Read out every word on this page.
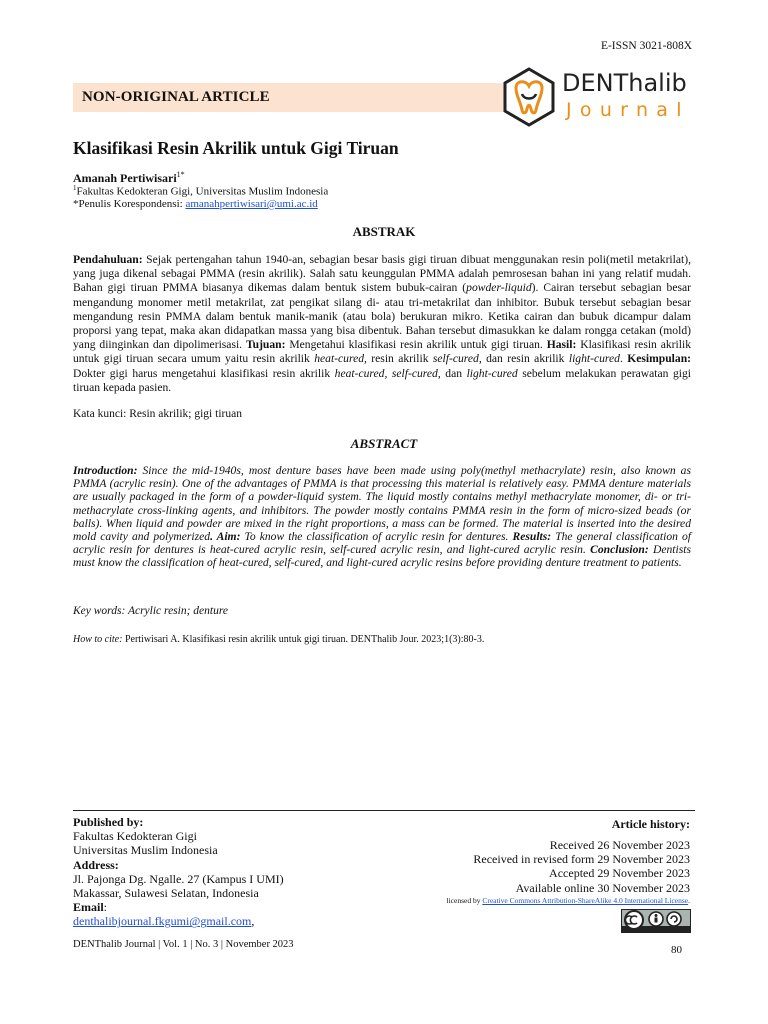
E-ISSN 3021-808X
NON-ORIGINAL ARTICLE	DENThalib
Journal
Klasifikasi Resin Akrilik untuk Gigi Tiruan
Amanah Pertiwisari$^{1*}$
$^1$Fakultas Kedokteran Gigi, Universitas Muslim Indonesia
*Penulis Korespondensi: amanahpertiwisari@umi.ac.id
ABSTRAK
Pendahuluan: Sejak pertengahan tahun 1940-an, sebagian besar basis gigi tiruan dibuat menggunakan resin poli(metil metakrilat), yang juga dikenal sebagai PMMA (resin akrilik). Salah satu keunggulan PMMA adalah pemrosesan bahan ini yang relatif mudah. Bahan gigi tiruan PMMA biasanya dikemas dalam bentuk sistem bubuk-cairan (powder-liquid). Cairan tersebut sebagian besar mengandung monomer metil metakrilat, zat pengikat silang di- atau tri-metakrilat dan inhibitor. Bubuk tersebut sebagian besar mengandung resin PMMA dalam bentuk manik-manik (atau bola) berukuran mikro. Ketika cairan dan bubuk dicampur dalam proporsi yang tepat, maka akan didapatkan massa yang bisa dibentuk. Bahan tersebut dimasukkan ke dalam rongga cetakan (mold) yang diinginkan dan dipolimerisasi. Tujuan: Mengetahui klasifikasi resin akrilik untuk gigi tiruan. Hasil: Klasifikasi resin akrilik untuk gigi tiruan secara umum yaitu resin akrilik heat-cured, resin akrilik self-cured, dan resin akrilik light-cured. Kesimpulan: Dokter gigi harus mengetahui klasifikasi resin akrilik heat-cured, self-cured, dan light-cured sebelum melakukan perawatan gigi tiruan kepada pasien.
Kata kunci: Resin akrilik; gigi tiruan
ABSTRACT
Introduction: Since the mid-1940s, most denture bases have been made using poly(methyl methacrylate) resin, also known as PMMA (acrylic resin). One of the advantages of PMMA is that processing this material is relatively easy. PMMA denture materials are usually packaged in the form of a powder-liquid system. The liquid mostly contains methyl methacrylate monomer, di- or tri-methacrylate cross-linking agents, and inhibitors. The powder mostly contains PMMA resin in the form of micro-sized beads (or balls). When liquid and powder are mixed in the right proportions, a mass can be formed. The material is inserted into the desired mold cavity and polymerized. Aim: To know the classification of acrylic resin for dentures. Results: The general classification of acrylic resin for dentures is heat-cured acrylic resin, self-cured acrylic resin, and light-cured acrylic resin. Conclusion: Dentists must know the classification of heat-cured, self-cured, and light-cured acrylic resins before providing denture treatment to patients.
Key words: Acrylic resin; denture
How to cite: Pertiwisari A. Klasifikasi resin akrilik untuk gigi tiruan. DENThalib Jour. 2023;1(3):80-3.
Published by:
Fakultas Kedokteran Gigi
Universitas Muslim Indonesia
Address:
Jl. Pajonga Dg. Ngalle. 27 (Kampus I UMI)
Makassar, Sulawesi Selatan, Indonesia
Email:
denthalibjournal.fkgumi@gmail.com,
Article history:
Received 26 November 2023
Received in revised form 29 November 2023
Accepted 29 November 2023
Available online 30 November 2023
licensed by Creative Commons Attribution-ShareAlike 4.0 International License.
DENThalib Journal | Vol. 1 | No. 3 | November 2023	80
